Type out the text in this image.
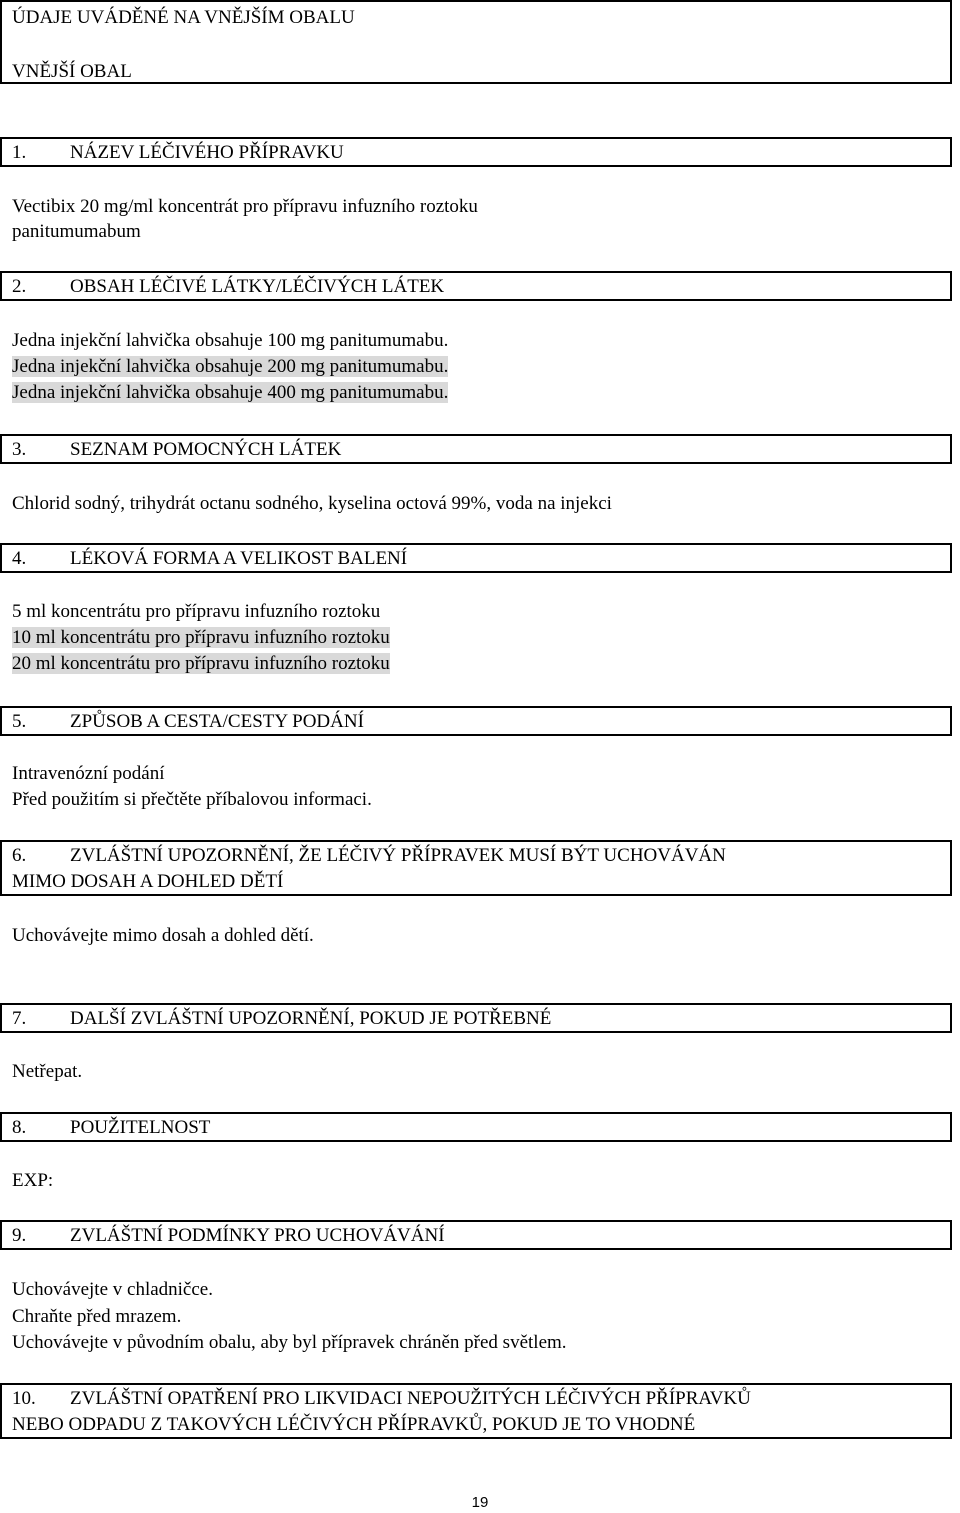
ÚDAJE UVÁDĚNÉ NA VNĚJŠÍM OBALU
VNĚJŠÍ OBAL
1. NÁZEV LÉČIVÉHO PŘÍPRAVKU
Vectibix 20 mg/ml koncentrát pro přípravu infuzního roztoku
panitumumabum
2. OBSAH LÉČIVÉ LÁTKY/LÉČIVÝCH LÁTEK
Jedna injekční lahvička obsahuje 100 mg panitumumabu.
Jedna injekční lahvička obsahuje 200 mg panitumumabu.
Jedna injekční lahvička obsahuje 400 mg panitumumabu.
3. SEZNAM POMOCNÝCH LÁTEK
Chlorid sodný, trihydrát octanu sodného, kyselina octová 99%, voda na injekci
4. LÉKOVÁ FORMA A VELIKOST BALENÍ
5 ml koncentrátu pro přípravu infuzního roztoku
10 ml koncentrátu pro přípravu infuzního roztoku
20 ml koncentrátu pro přípravu infuzního roztoku
5. ZPŮSOB A CESTA/CESTY PODÁNÍ
Intravenózní podání
Před použitím si přečtěte příbalovou informaci.
6. ZVLÁŠTNÍ UPOZORNĚNÍ, ŽE LÉČIVÝ PŘÍPRAVEK MUSÍ BÝT UCHOVÁVÁN
MIMO DOSAH A DOHLED DĚTÍ
Uchovávejte mimo dosah a dohled dětí.
7. DALŠÍ ZVLÁŠTNÍ UPOZORNĚNÍ, POKUD JE POTŘEBNÉ
Netřepat.
8. POUŽITELNOST
EXP:
9. ZVLÁŠTNÍ PODMÍNKY PRO UCHOVÁVÁNÍ
Uchovávejte v chladničce.
Chraňte před mrazem.
Uchovávejte v původním obalu, aby byl přípravek chráněn před světlem.
10. ZVLÁŠTNÍ OPATŘENÍ PRO LIKVIDACI NEPOUŽITÝCH LÉČIVÝCH PŘÍPRAVKŮ
NEBO ODPADU Z TAKOVÝCH LÉČIVÝCH PŘÍPRAVKŮ, POKUD JE TO VHODNÉ
19
